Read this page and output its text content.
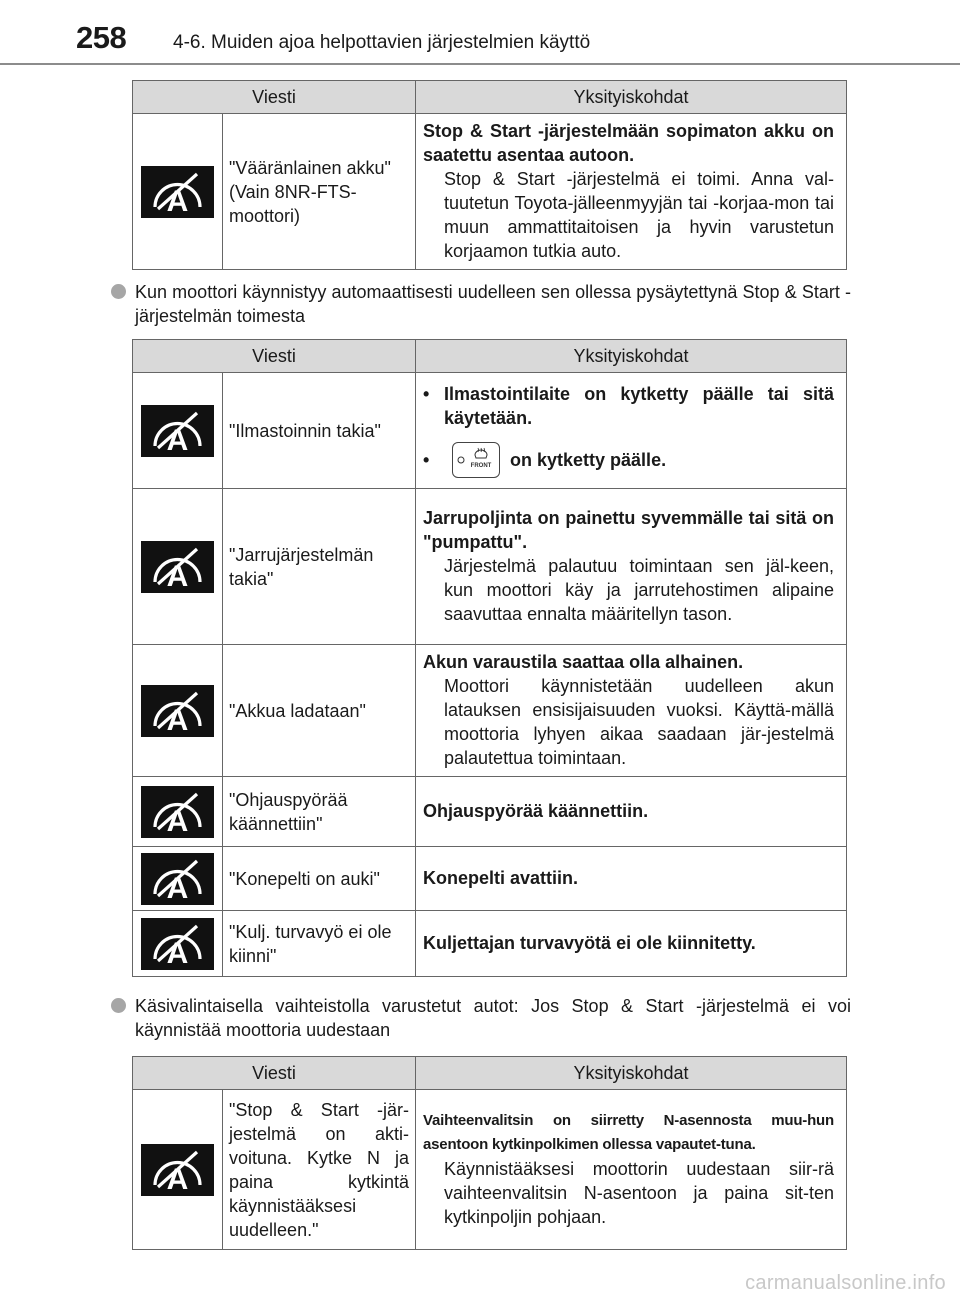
258 4-6. Muiden ajoa helpottavien järjestelmien käyttö
Viesti		Yksityiskohdat

A	"Vääränlainen akku" (Vain 8NR-FTS-moottori)	Stop & Start -järjestelmään sopimaton akku on saatettu asentaa autoon.
Stop & Start -järjestelmä ei toimi. Anna val-tuutetun Toyota-jälleenmyyjän tai -korjaa-mon tai muun ammattitaitoisen ja hyvin varustetun korjaamon tutkia auto.
Kun moottori käynnistyy automaattisesti uudelleen sen ollessa pysäytettynä Stop & Start -järjestelmän toimesta
Viesti		Yksityiskohdat

A	"Ilmastoinnin takia"	• Ilmastointilaite on kytketty päälle tai sitä käytetään.
• FRONT on kytketty päälle.

A	"Jarrujärjestelmän takia"	Jarrupoljinta on painettu syvemmälle tai sitä on "pumpattu".
Järjestelmä palautuu toimintaan sen jäl-keen, kun moottori käy ja jarrutehostimen alipaine saavuttaa ennalta määritellyn tason.

A	"Akkua ladataan"	Akun varaustila saattaa olla alhainen.
Moottori käynnistetään uudelleen akun latauksen ensisijaisuuden vuoksi. Käyttä-mällä moottoria lyhyen aikaa saadaan jär-jestelmä palautettua toimintaan.

A	"Ohjauspyörää käännettiin"	Ohjauspyörää käännettiin.

A	"Konepelti on auki"	Konepelti avattiin.

A	"Kulj. turvavyö ei ole kiinni"	Kuljettajan turvavyötä ei ole kiinnitetty.
Käsivalintaisella vaihteistolla varustetut autot: Jos Stop & Start -järjestelmä ei voi käynnistää moottoria uudestaan
Viesti		Yksityiskohdat

A	"Stop & Start -jär-jestelmä on akti-voituna. Kytke N ja paina kytkintä käynnistääksesi uudelleen."	Vaihteenvalitsin on siirretty N-asennosta muu-hun asentoon kytkinpolkimen ollessa vapautet-tuna.
Käynnistääksesi moottorin uudestaan siir-rä vaihteenvalitsin N-asentoon ja paina sit-ten kytkinpoljin pohjaan.
carmanualsonline.info
